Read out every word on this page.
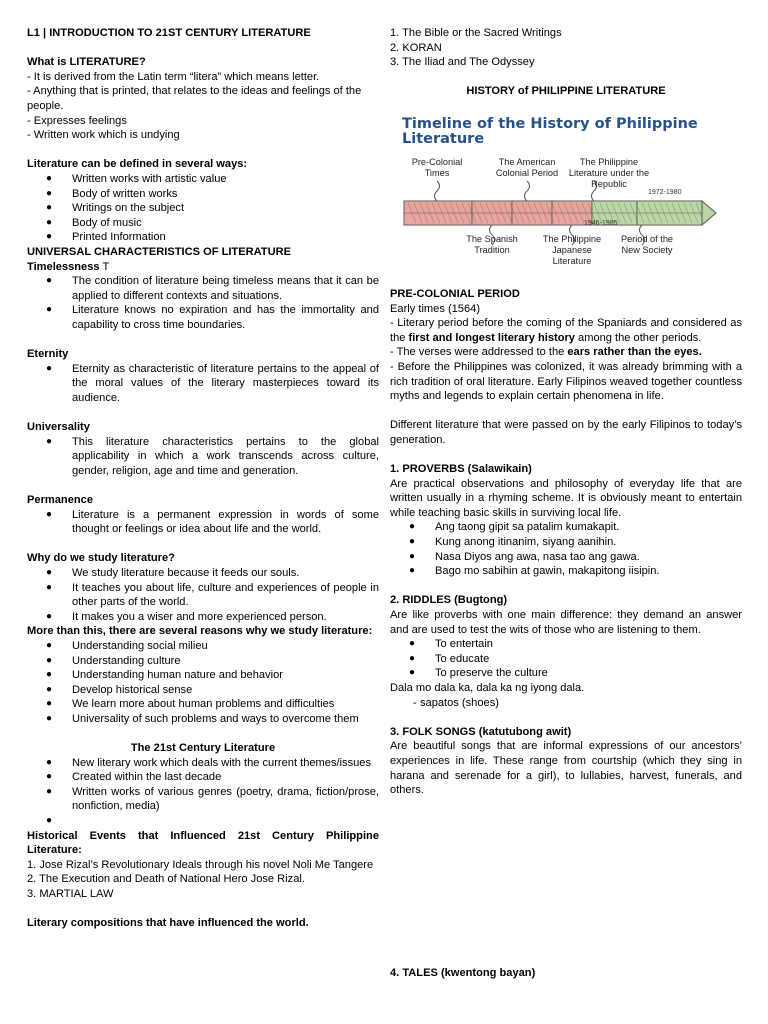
L1 | INTRODUCTION TO 21ST CENTURY LITERATURE

What is LITERATURE?

- It is derived from the Latin term “litera” which means letter.

- Anything that is printed, that relates to the ideas and feelings of the people.

- Expresses feelings

- Written work which is undying

Literature can be defined in several ways:

● Written works with artistic value
● Body of written works
● Writings on the subject
● Body of music
● Printed Information

UNIVERSAL CHARACTERISTICS OF LITERATURE

Timelessness T

● The condition of literature being timeless means that it can be applied to different contexts and situations.
● Literature knows no expiration and has the immortality and capability to cross time boundaries.

Eternity

● Eternity as characteristic of literature pertains to the appeal of the moral values of the literary masterpieces toward its audience.

Universality

● This literature characteristics pertains to the global applicability in which a work transcends across culture, gender, religion, age and time and generation.

Permanence

● Literature is a permanent expression in words of some thought or feelings or idea about life and the world.

Why do we study literature?

● We study literature because it feeds our souls.
● It teaches you about life, culture and experiences of people in other parts of the world.
● It makes you a wiser and more experienced person.

More than this, there are several reasons why we study literature:

● Understanding social milieu
● Understanding culture
● Understanding human nature and behavior
● Develop historical sense
● We learn more about human problems and difficulties
● Universality of such problems and ways to overcome them

The 21st Century Literature

● New literary work which deals with the current themes/issues
● Created within the last decade
● Written works of various genres (poetry, drama, fiction/prose, nonfiction, media)
●

Historical Events that Influenced 21st Century Philippine Literature:

1. Jose Rizal’s Revolutionary Ideals through his novel Noli Me Tangere

2. The Execution and Death of National Hero Jose Rizal.

3. MARTIAL LAW

Literary compositions that have influenced the world.

1. The Bible or the Sacred Writings

2. KORAN

3. The Iliad and The Odyssey

HISTORY of PHILIPPINE LITERATURE

Timeline of the History of Philippine Literature
Pre-Colonial Times
The American Colonial Period
The Philippine Literature under the Republic
1972-1980
1946-1985
The Spanish Tradition
The Philippine Japanese Literature
Period of the New Society

PRE-COLONIAL PERIOD

Early times (1564)

- Literary period before the coming of the Spaniards and considered as the first and longest literary history among the other periods.

- The verses were addressed to the ears rather than the eyes.

- Before the Philippines was colonized, it was already brimming with a rich tradition of oral literature. Early Filipinos weaved together countless myths and legends to explain certain phenomena in life.

Different literature that were passed on by the early Filipinos to today’s generation.

1. PROVERBS (Salawikain)

Are practical observations and philosophy of everyday life that are written usually in a rhyming scheme. It is obviously meant to entertain while teaching basic skills in surviving local life.

● Ang taong gipit sa patalim kumakapit.
● Kung anong itinanim, siyang aanihin.
● Nasa Diyos ang awa, nasa tao ang gawa.
● Bago mo sabihin at gawin, makapitong iisipin.

2. RIDDLES (Bugtong)

Are like proverbs with one main difference: they demand an answer and are used to test the wits of those who are listening to them.

● To entertain
● To educate
● To preserve the culture

Dala mo dala ka, dala ka ng iyong dala.

- sapatos (shoes)

3. FOLK SONGS (katutubong awit)

Are beautiful songs that are informal expressions of our ancestors’ experiences in life. These range from courtship (which they sing in harana and serenade for a girl), to lullabies, harvest, funerals, and others.

4. TALES (kwentong bayan)
